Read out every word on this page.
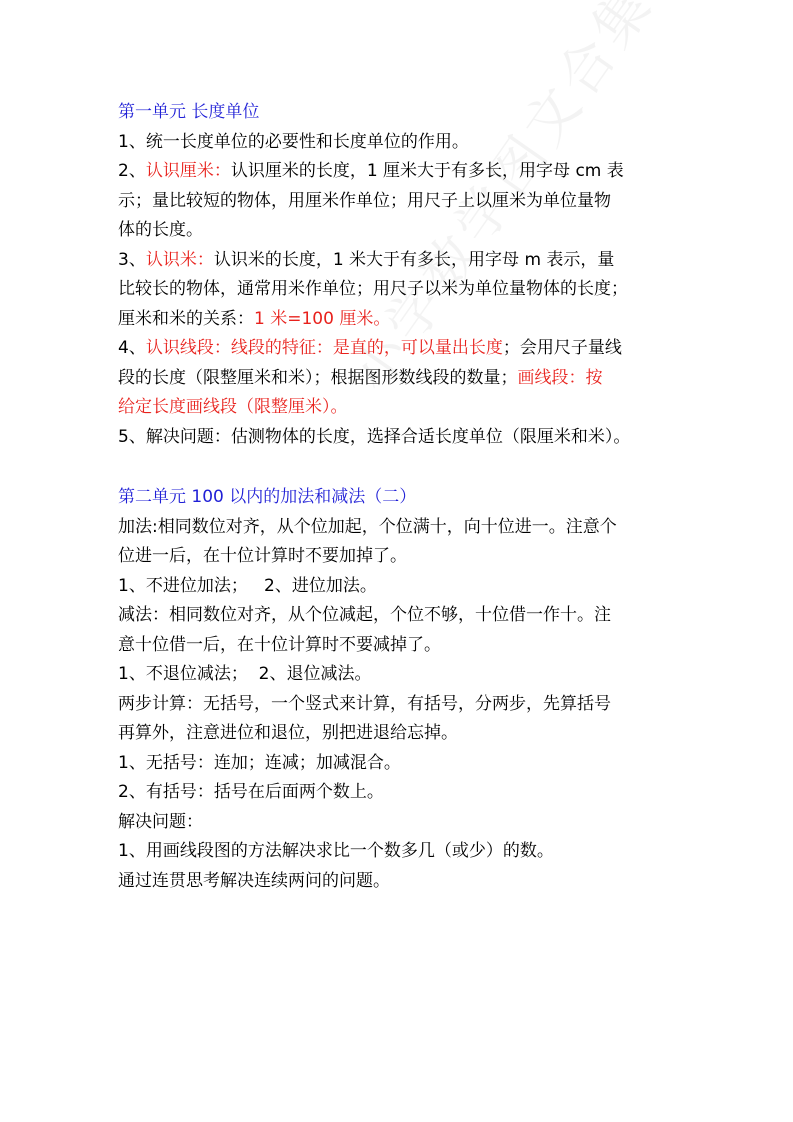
第一单元 长度单位
1、统一长度单位的必要性和长度单位的作用。
2、认识厘米：认识厘米的长度，1 厘米大于有多长，用字母 cm 表
示；量比较短的物体，用厘米作单位；用尺子上以厘米为单位量物
体的长度。
3、认识米：认识米的长度，1 米大于有多长，用字母 m 表示，量
比较长的物体，通常用米作单位；用尺子以米为单位量物体的长度；
厘米和米的关系：1 米=100 厘米。
4、认识线段：线段的特征：是直的，可以量出长度；会用尺子量线
段的长度（限整厘米和米）；根据图形数线段的数量；画线段：按
给定长度画线段（限整厘米）。
5、解决问题：估测物体的长度，选择合适长度单位（限厘米和米）。
第二单元 100 以内的加法和减法（二）
加法:相同数位对齐，从个位加起，个位满十，向十位进一。注意个
位进一后，在十位计算时不要加掉了。
1、不进位加法；   2、进位加法。
减法：相同数位对齐，从个位减起，个位不够，十位借一作十。注
意十位借一后，在十位计算时不要减掉了。
1、不退位减法；  2、退位减法。
两步计算：无括号，一个竖式来计算，有括号，分两步，先算括号
再算外，注意进位和退位，别把进退给忘掉。
1、无括号：连加；连减；加减混合。
2、有括号：括号在后面两个数上。
解决问题：
1、用画线段图的方法解决求比一个数多几（或少）的数。
通过连贯思考解决连续两问的问题。
